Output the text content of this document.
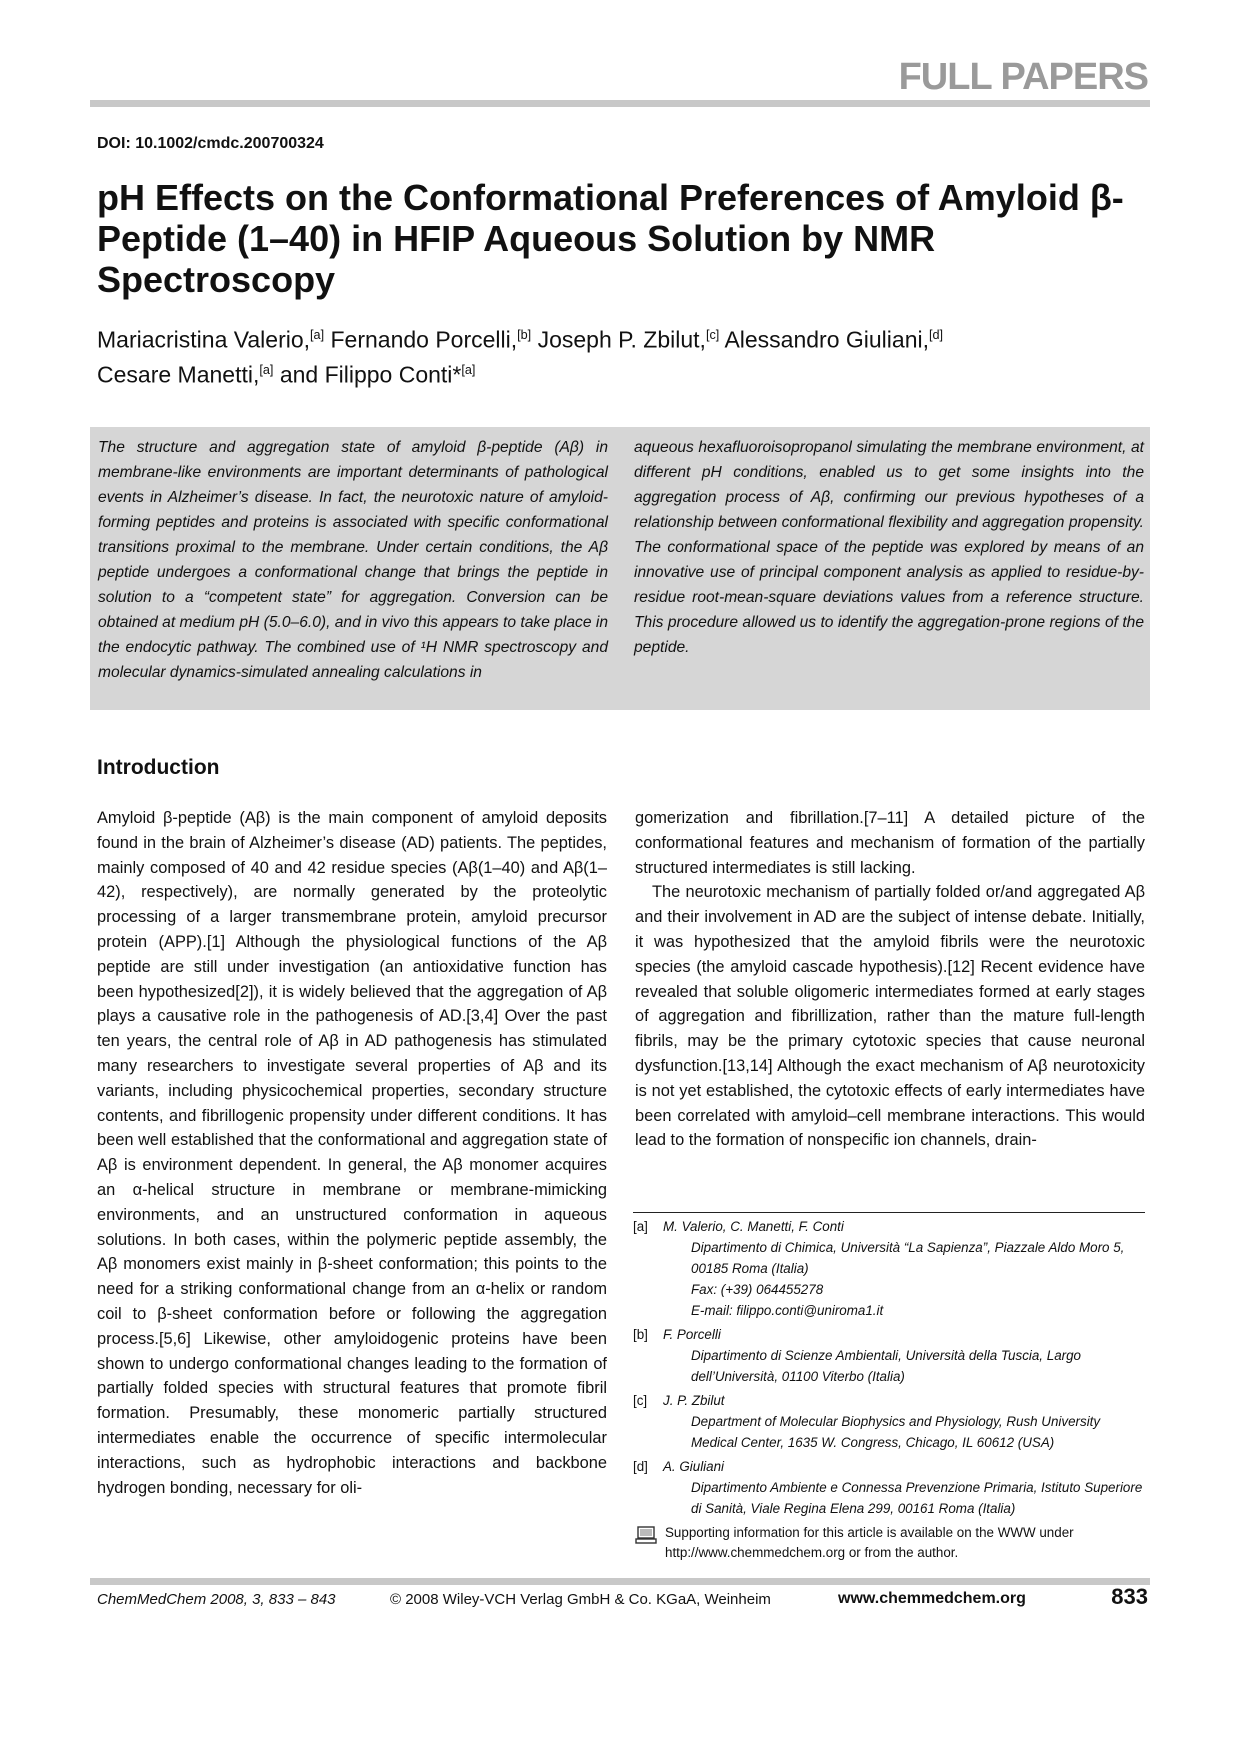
FULL PAPERS
DOI: 10.1002/cmdc.200700324
pH Effects on the Conformational Preferences of Amyloid β-Peptide (1–40) in HFIP Aqueous Solution by NMR Spectroscopy
Mariacristina Valerio,[a] Fernando Porcelli,[b] Joseph P. Zbilut,[c] Alessandro Giuliani,[d]
Cesare Manetti,[a] and Filippo Conti*[a]

The structure and aggregation state of amyloid β-peptide (Aβ) in membrane-like environments are important determinants of pathological events in Alzheimer’s disease. In fact, the neurotoxic nature of amyloid-forming peptides and proteins is associated with specific conformational transitions proximal to the membrane. Under certain conditions, the Aβ peptide undergoes a conformational change that brings the peptide in solution to a “competent state” for aggregation. Conversion can be obtained at medium pH (5.0–6.0), and in vivo this appears to take place in the endocytic pathway. The combined use of ¹H NMR spectroscopy and molecular dynamics-simulated annealing calculations in

aqueous hexafluoroisopropanol simulating the membrane environment, at different pH conditions, enabled us to get some insights into the aggregation process of Aβ, confirming our previous hypotheses of a relationship between conformational flexibility and aggregation propensity. The conformational space of the peptide was explored by means of an innovative use of principal component analysis as applied to residue-by-residue root-mean-square deviations values from a reference structure. This procedure allowed us to identify the aggregation-prone regions of the peptide.

Introduction

Amyloid β-peptide (Aβ) is the main component of amyloid deposits found in the brain of Alzheimer’s disease (AD) patients. The peptides, mainly composed of 40 and 42 residue species (Aβ(1–40) and Aβ(1–42), respectively), are normally generated by the proteolytic processing of a larger transmembrane protein, amyloid precursor protein (APP).[1] Although the physiological functions of the Aβ peptide are still under investigation (an antioxidative function has been hypothesized[2]), it is widely believed that the aggregation of Aβ plays a causative role in the pathogenesis of AD.[3,4] Over the past ten years, the central role of Aβ in AD pathogenesis has stimulated many researchers to investigate several properties of Aβ and its variants, including physicochemical properties, secondary structure contents, and fibrillogenic propensity under different conditions. It has been well established that the conformational and aggregation state of Aβ is environment dependent. In general, the Aβ monomer acquires an α-helical structure in membrane or membrane-mimicking environments, and an unstructured conformation in aqueous solutions. In both cases, within the polymeric peptide assembly, the Aβ monomers exist mainly in β-sheet conformation; this points to the need for a striking conformational change from an α-helix or random coil to β-sheet conformation before or following the aggregation process.[5,6] Likewise, other amyloidogenic proteins have been shown to undergo conformational changes leading to the formation of partially folded species with structural features that promote fibril formation. Presumably, these monomeric partially structured intermediates enable the occurrence of specific intermolecular interactions, such as hydrophobic interactions and backbone hydrogen bonding, necessary for oli-

gomerization and fibrillation.[7–11] A detailed picture of the conformational features and mechanism of formation of the partially structured intermediates is still lacking.

The neurotoxic mechanism of partially folded or/and aggregated Aβ and their involvement in AD are the subject of intense debate. Initially, it was hypothesized that the amyloid fibrils were the neurotoxic species (the amyloid cascade hypothesis).[12] Recent evidence have revealed that soluble oligomeric intermediates formed at early stages of aggregation and fibrillization, rather than the mature full-length fibrils, may be the primary cytotoxic species that cause neuronal dysfunction.[13,14] Although the exact mechanism of Aβ neurotoxicity is not yet established, the cytotoxic effects of early intermediates have been correlated with amyloid–cell membrane interactions. This would lead to the formation of nonspecific ion channels, drain-

[a] M. Valerio, C. Manetti, F. Conti
Dipartimento di Chimica, Università “La Sapienza”, Piazzale Aldo Moro 5,
00185 Roma (Italia)
Fax: (+39) 064455278
E-mail: filippo.conti@uniroma1.it
[b] F. Porcelli
Dipartimento di Scienze Ambientali, Università della Tuscia, Largo dell’Università, 01100 Viterbo (Italia)
[c] J. P. Zbilut
Department of Molecular Biophysics and Physiology, Rush University Medical Center, 1635 W. Congress, Chicago, IL 60612 (USA)
[d] A. Giuliani
Dipartimento Ambiente e Connessa Prevenzione Primaria, Istituto Superiore di Sanità, Viale Regina Elena 299, 00161 Roma (Italia)
Supporting information for this article is available on the WWW under http://www.chemmedchem.org or from the author.
ChemMedChem 2008, 3, 833 – 843	© 2008 Wiley-VCH Verlag GmbH & Co. KGaA, Weinheim	www.chemmedchem.org	833
